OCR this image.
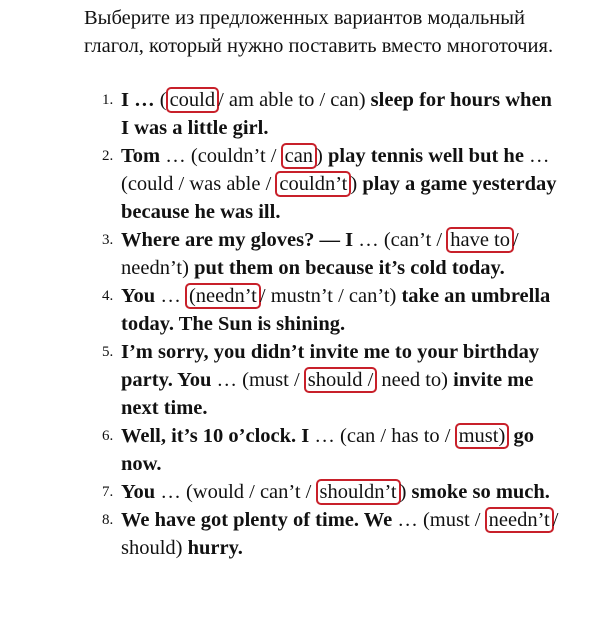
Выберите из предложенных вариантов модальный глагол, который нужно поставить вместо многоточия.

1. I … ( could / am able to / can) sleep for hours when I was a little girl.
2. Tom … (couldn’t / can ) play tennis well but he … (could / was able / couldn’t ) play a game yesterday because he was ill.
3. Where are my gloves? — I … (can’t / have to / needn’t) put them on because it’s cold today.
4. You … (needn’t / mustn’t / can’t) take an umbrella today. The Sun is shining.
5. I’m sorry, you didn’t invite me to your birthday party. You … (must / should / need to) invite me next time.
6. Well, it’s 10 o’clock. I … (can / has to / must) go now.
7. You … (would / can’t / shouldn’t ) smoke so much.
8. We have got plenty of time. We … (must / needn’t / should) hurry.
